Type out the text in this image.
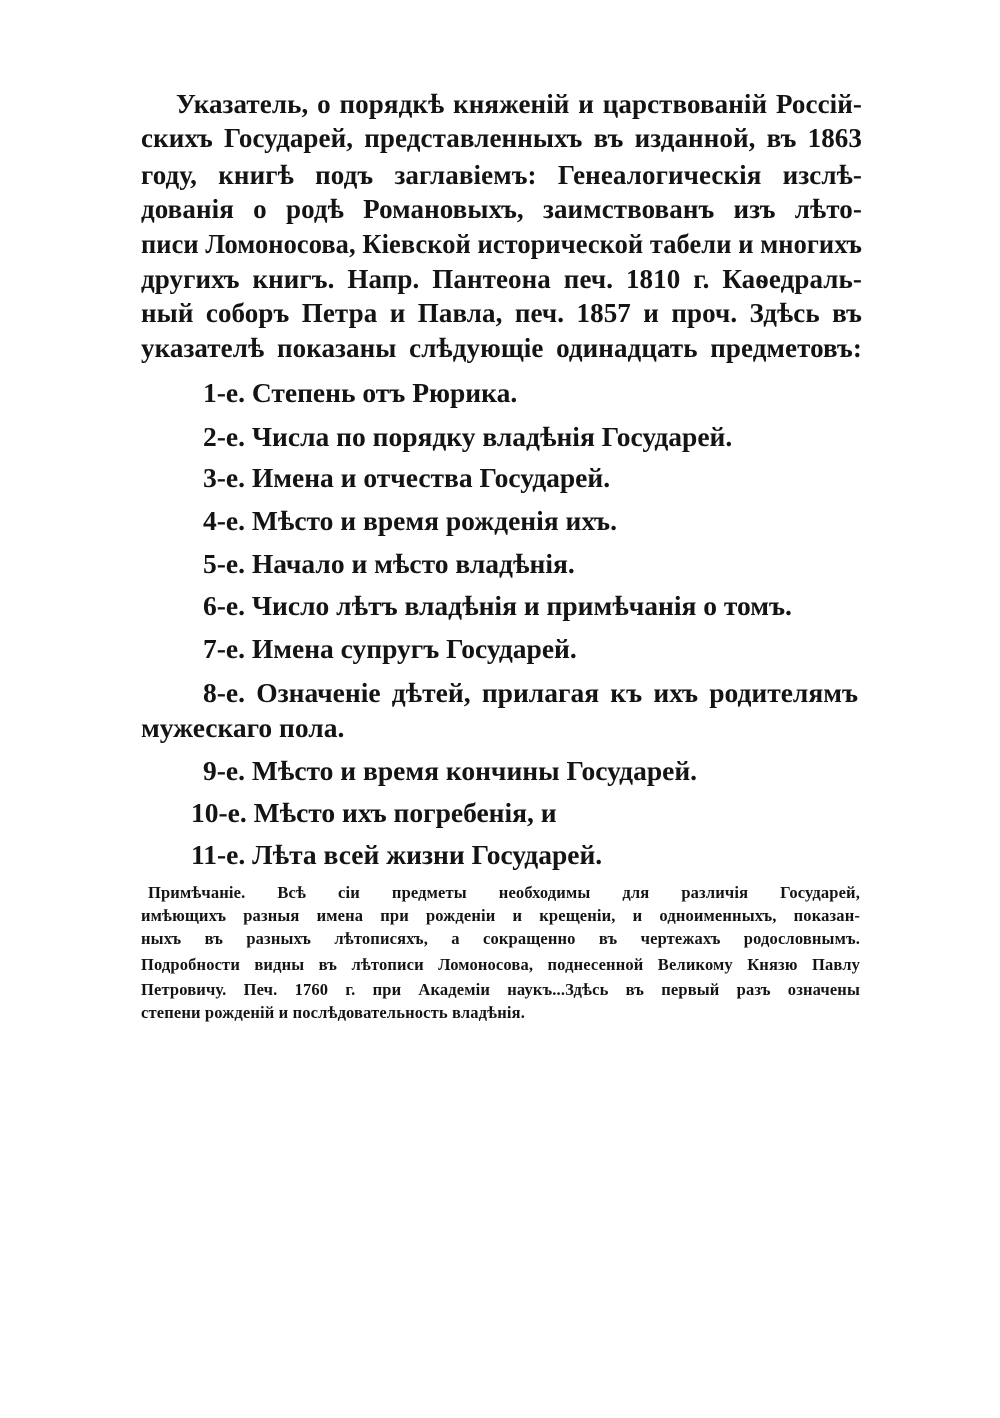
Указатель, о порядкѣ княженій и царствованій Россій-
скихъ Государей, представленныхъ въ изданной, въ 1863
году, книгѣ подъ заглавіемъ: Генеалогическія изслѣ-
дованія о родѣ Романовыхъ, заимствованъ изъ лѣто-
писи Ломоносова, Кіевской исторической табели и многихъ
другихъ книгъ. Напр. Пантеона печ. 1810 г. Каѳедраль-
ный соборъ Петра и Павла, печ. 1857 и проч. Здѣсь въ
указателѣ показаны слѣдующіе одинадцать предметовъ:
1-е. Степень отъ Рюрика.
2-е. Числа по порядку владѣнія Государей.
3-е. Имена и отчества Государей.
4-е. Мѣсто и время рожденія ихъ.
5-е. Начало и мѣсто владѣнія.
6-е. Число лѣтъ владѣнія и примѣчанія о томъ.
7-е. Имена супругъ Государей.
8-е. Означеніе дѣтей, прилагая къ ихъ родителямъ
мужескаго пола.
9-е. Мѣсто и время кончины Государей.
10-е. Мѣсто ихъ погребенія, и
11-е. Лѣта всей жизни Государей.
Примѣчаніе. Всѣ сіи предметы необходимы для различія Государей,
имѣющихъ разныя имена при рожденіи и крещеніи, и одноименныхъ, показан-
ныхъ въ разныхъ лѣтописяхъ, а сокращенно въ чертежахъ родословнымъ.
Подробности видны въ лѣтописи Ломоносова, поднесенной Великому Князю Павлу
Петровичу. Печ. 1760 г. при Академіи наукъ...Здѣсь въ первый разъ означены
степени рожденій и послѣдовательность владѣнія.
